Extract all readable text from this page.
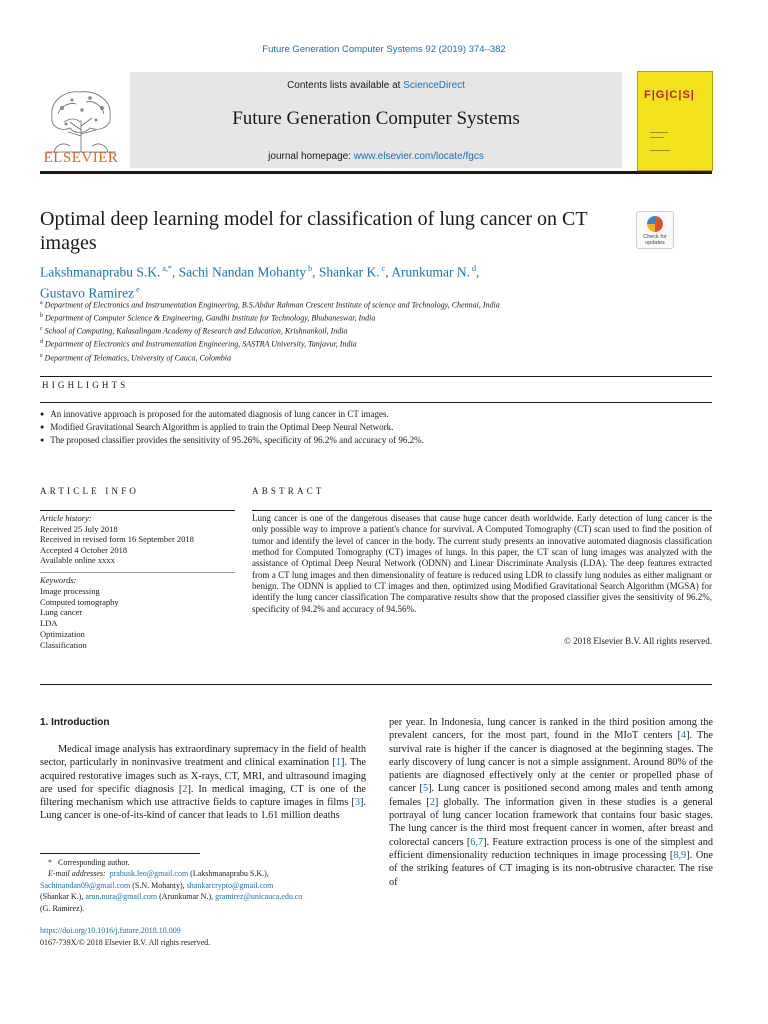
Future Generation Computer Systems 92 (2019) 374–382
Contents lists available at ScienceDirect
Future Generation Computer Systems
journal homepage: www.elsevier.com/locate/fgcs
ELSEVIER
F|G|C|S|
Optimal deep learning model for classification of lung cancer on CT images	Check for updates
Lakshmanaprabu S.K. $^{a,*}$, Sachi Nandan Mohanty $^b$, Shankar K. $^c$, Arunkumar N. $^d$,
Gustavo Ramirez $^e$
$^a$ Department of Electronics and Instrumentation Engineering, B.S.Abdur Rahman Crescent Institute of science and Technology, Chennai, India
$^b$ Department of Computer Science & Engineering, Gandhi Institute for Technology, Bhubaneswar, India
$^c$ School of Computing, Kalasalingam Academy of Research and Education, Krishnankoil, India
$^d$ Department of Electronics and Instrumentation Engineering, SASTRA University, Tanjavur, India
$^e$ Department of Telematics, University of Cauca, Colombia
HIGHLIGHTS
● An innovative approach is proposed for the automated diagnosis of lung cancer in CT images.
● Modified Gravitational Search Algorithm is applied to train the Optimal Deep Neural Network.
● The proposed classifier provides the sensitivity of 95.26%, specificity of 96.2% and accuracy of 96.2%.
ARTICLE INFO	ABSTRACT
Article history:
Received 25 July 2018
Received in revised form 16 September 2018
Accepted 4 October 2018
Available online xxxx
Keywords:
Image processing
Computed tomography
Lung cancer
LDA
Optimization
Classification
Lung cancer is one of the dangerous diseases that cause huge cancer death worldwide. Early detection of lung cancer is the only possible way to improve a patient's chance for survival. A Computed Tomography (CT) scan used to find the position of tumor and identify the level of cancer in the body. The current study presents an innovative automated diagnosis classification method for Computed Tomography (CT) images of lungs. In this paper, the CT scan of lung images was analyzed with the assistance of Optimal Deep Neural Network (ODNN) and Linear Discriminate Analysis (LDA). The deep features extracted from a CT lung images and then dimensionality of feature is reduced using LDR to classify lung nodules as either malignant or benign. The ODNN is applied to CT images and then, optimized using Modified Gravitational Search Algorithm (MGSA) for identify the lung cancer classification The comparative results show that the proposed classifier gives the sensitivity of 96.2%, specificity of 94.2% and accuracy of 94.56%.
© 2018 Elsevier B.V. All rights reserved.
1. Introduction

Medical image analysis has extraordinary supremacy in the field of health sector, particularly in noninvasive treatment and clinical examination [1]. The acquired restorative images such as X-rays, CT, MRI, and ultrasound imaging are used for specific diagnosis [2]. In medical imaging, CT is one of the filtering mechanism which use attractive fields to capture images in films [3]. Lung cancer is one-of-its-kind of cancer that leads to 1.61 million deaths

per year. In Indonesia, lung cancer is ranked in the third position among the prevalent cancers, for the most part, found in the MIoT centers [4]. The survival rate is higher if the cancer is diagnosed at the beginning stages. The early discovery of lung cancer is not a simple assignment. Around 80% of the patients are diagnosed effectively only at the center or propelled phase of cancer [5]. Lung cancer is positioned second among males and tenth among females [2] globally. The information given in these studies is a general portrayal of lung cancer location framework that contains four basic stages. The lung cancer is the third most frequent cancer in women, after breast and colorectal cancers [6,7]. Feature extraction process is one of the simplest and efficient dimensionality reduction techniques in image processing [8,9]. One of the striking features of CT imaging is its non-obtrusive character. The rise of

* Corresponding author.
E-mail addresses: prabusk.leo@gmail.com (Lakshmanaprabu S.K.),
Sachinandan09@gmail.com (S.N. Mohanty), shankarcrypto@gmail.com
(Shankar K.), arun.nura@gmail.com (Arunkumar N.), gramirez@unicauca.edu.co
(G. Ramirez).
https://doi.org/10.1016/j.future.2018.10.009
0167-739X/© 2018 Elsevier B.V. All rights reserved.
